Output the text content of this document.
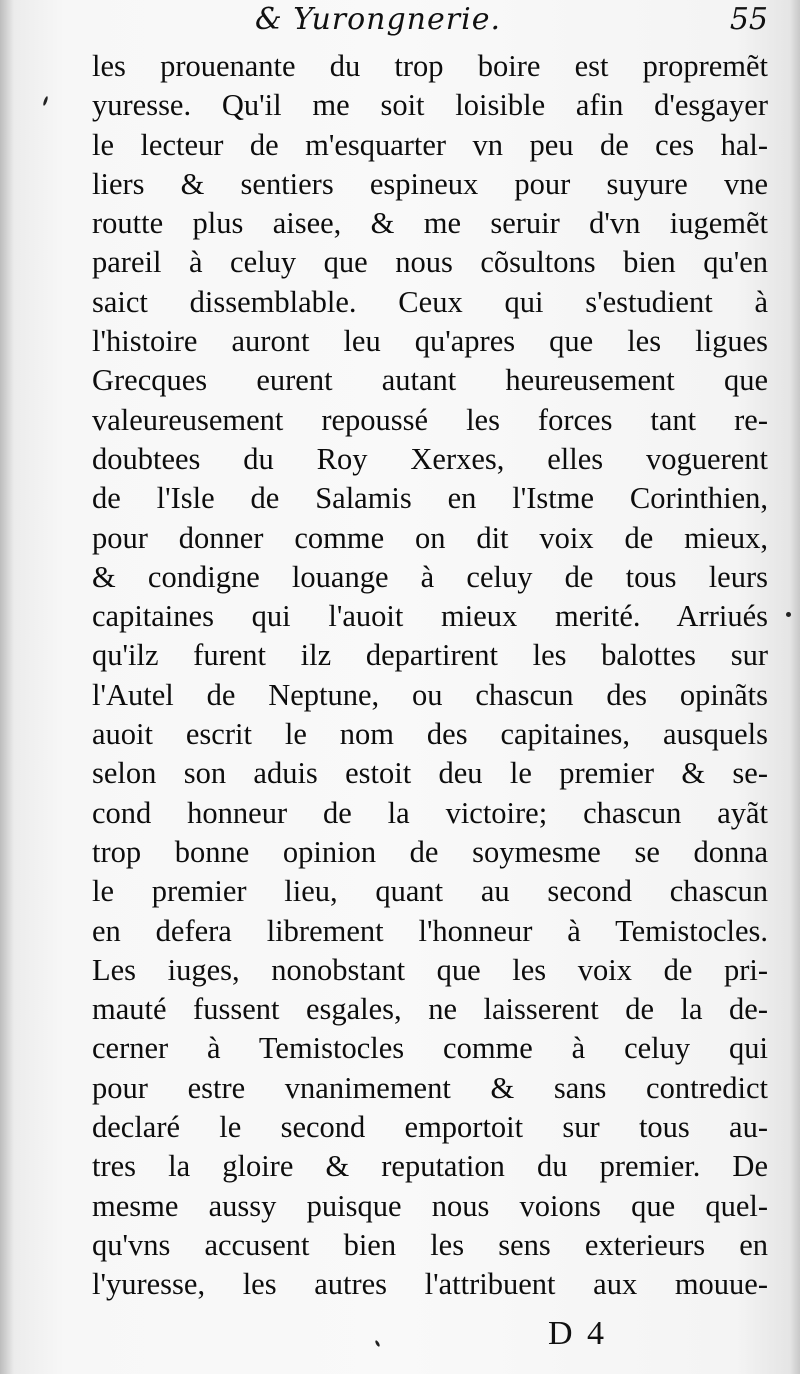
& Yurongnerie.	55
les prouenante du trop boire est propremẽt
yuresse. Qu'il me soit loisible afin d'esgayer
le lecteur de m'esquarter vn peu de ces hal-
liers & sentiers espineux pour suyure vne
routte plus aisee, & me seruir d'vn iugemẽt
pareil à celuy que nous cõsultons bien qu'en
saict dissemblable. Ceux qui s'estudient à
l'histoire auront leu qu'apres que les ligues
Grecques eurent autant heureusement que
valeureusement repoussé les forces tant re-
doubtees du Roy Xerxes, elles voguerent
de l'Isle de Salamis en l'Istme Corinthien,
pour donner comme on dit voix de mieux,
& condigne louange à celuy de tous leurs
capitaines qui l'auoit mieux merité. Arriués
qu'ilz furent ilz departirent les balottes sur
l'Autel de Neptune, ou chascun des opinãts
auoit escrit le nom des capitaines, ausquels
selon son aduis estoit deu le premier & se-
cond honneur de la victoire; chascun ayãt
trop bonne opinion de soymesme se donna
le premier lieu, quant au second chascun
en defera librement l'honneur à Temistocles.
Les iuges, nonobstant que les voix de pri-
mauté fussent esgales, ne laisserent de la de-
cerner à Temistocles comme à celuy qui
pour estre vnanimement & sans contredict
declaré le second emportoit sur tous au-
tres la gloire & reputation du premier. De
mesme aussy puisque nous voions que quel-
qu'vns accusent bien les sens exterieurs en
l'yuresse, les autres l'attribuent aux mouue-
D 4
